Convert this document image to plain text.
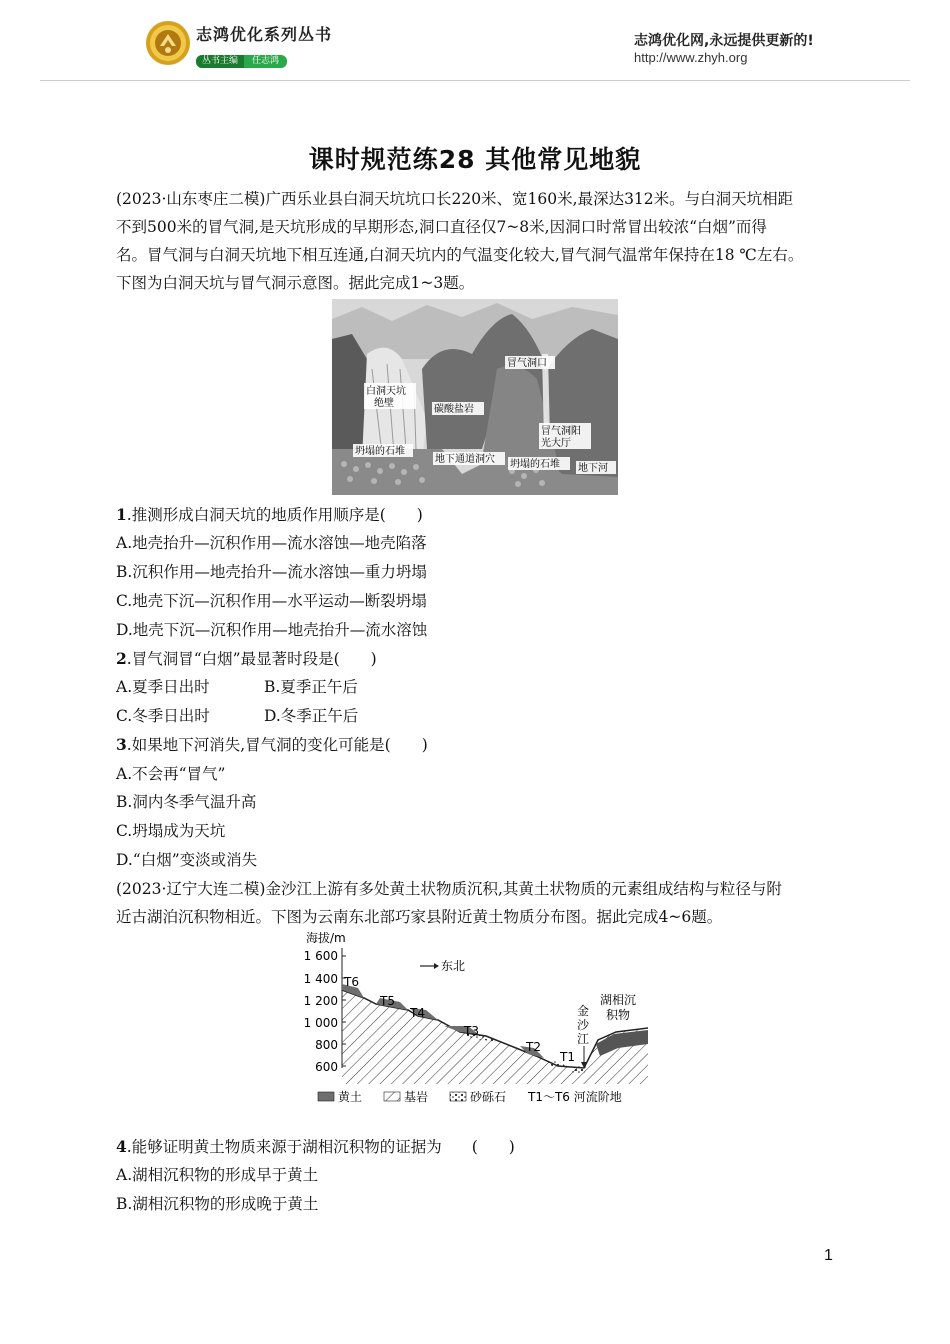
志鸿优化系列丛书
丛书主编 任志鸿
志鸿优化网,永远提供更新的!
http://www.zhyh.org
课时规范练28 其他常见地貌
(2023·山东枣庄二模)广西乐业县白洞天坑坑口长220米、宽160米,最深达312米。与白洞天坑相距
不到500米的冒气洞,是天坑形成的早期形态,洞口直径仅7~8米,因洞口时常冒出较浓“白烟”而得
名。冒气洞与白洞天坑地下相互连通,白洞天坑内的气温变化较大,冒气洞气温常年保持在18 ℃左右。
下图为白洞天坑与冒气洞示意图。据此完成1~3题。
白洞天坑
绝壁
碳酸盐岩
冒气洞口
冒气洞阳
光大厅
坍塌的石堆
地下通道洞穴 坍塌的石堆 地下河
1.推测形成白洞天坑的地质作用顺序是(　　)
A.地壳抬升—沉积作用—流水溶蚀—地壳陷落
B.沉积作用—地壳抬升—流水溶蚀—重力坍塌
C.地壳下沉—沉积作用—水平运动—断裂坍塌
D.地壳下沉—沉积作用—地壳抬升—流水溶蚀
2.冒气洞冒“白烟”最显著时段是(　　)
A.夏季日出时	B.夏季正午后
C.冬季日出时	D.冬季正午后
3.如果地下河消失,冒气洞的变化可能是(　　)
A.不会再“冒气”
B.洞内冬季气温升高
C.坍塌成为天坑
D.“白烟”变淡或消失
(2023·辽宁大连二模)金沙江上游有多处黄土状物质沉积,其黄土状物质的元素组成结构与粒径与附
近古湖泊沉积物相近。下图为云南东北部巧家县附近黄土物质分布图。据此完成4~6题。
海拔/m
1 600
1 400
1 200
1 000
800
600
T6
T5
T4
T3
T2
T1
金
沙
江
湖相沉
积物
东北
黄土	基岩	砂砾石 T1～T6 河流阶地
4.能够证明黄土物质来源于湖相沉积物的证据为 (　　)
A.湖相沉积物的形成早于黄土
B.湖相沉积物的形成晚于黄土
1
